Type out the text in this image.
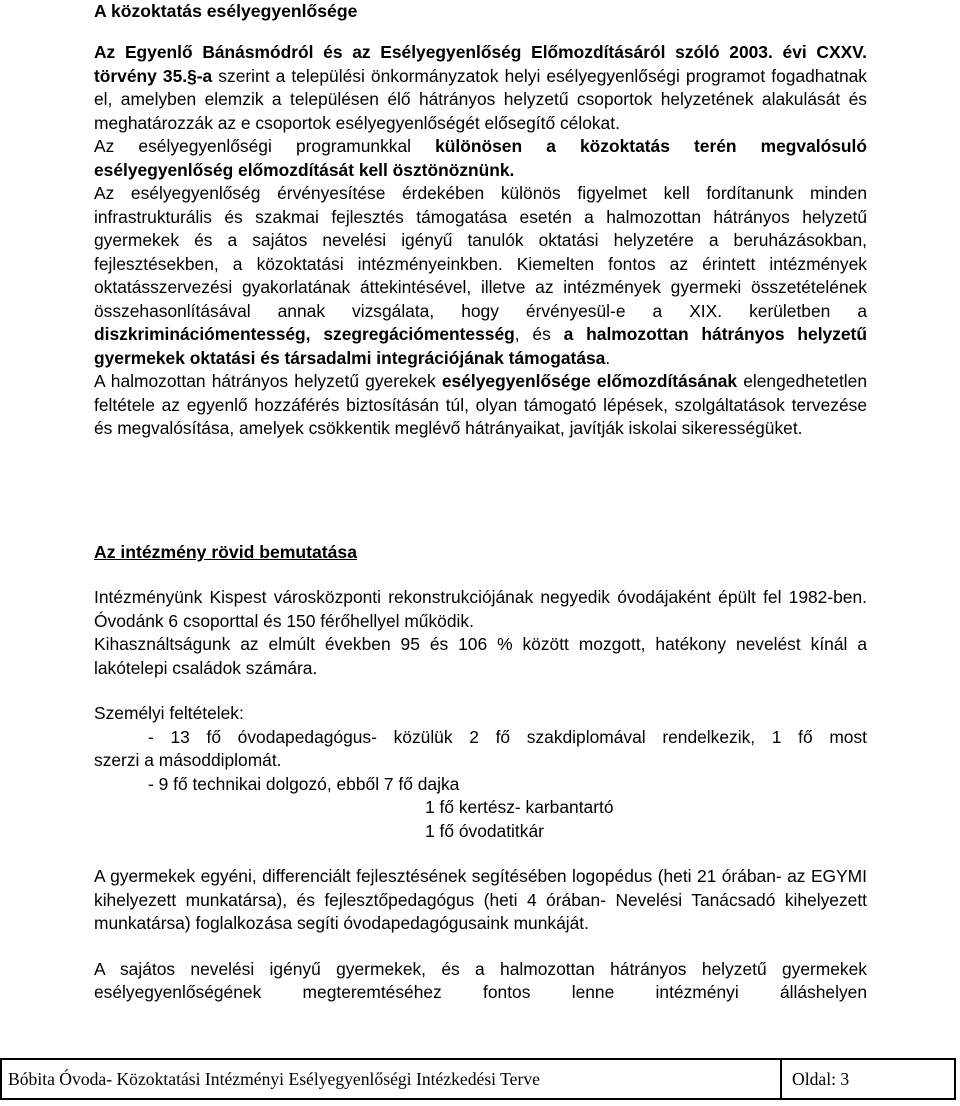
A közoktatás esélyegyenlősége

Az Egyenlő Bánásmódról és az Esélyegyenlőség Előmozdításáról szóló 2003. évi CXXV. törvény 35.§-a szerint a települési önkormányzatok helyi esélyegyenlőségi programot fogadhatnak el, amelyben elemzik a településen élő hátrányos helyzetű csoportok helyzetének alakulását és meghatározzák az e csoportok esélyegyenlőségét elősegítő célokat.

Az esélyegyenlőségi programunkkal különösen a közoktatás terén megvalósuló esélyegyenlőség előmozdítását kell ösztönöznünk.

Az esélyegyenlőség érvényesítése érdekében különös figyelmet kell fordítanunk minden infrastrukturális és szakmai fejlesztés támogatása esetén a halmozottan hátrányos helyzetű gyermekek és a sajátos nevelési igényű tanulók oktatási helyzetére a beruházásokban, fejlesztésekben, a közoktatási intézményeinkben. Kiemelten fontos az érintett intézmények oktatásszervezési gyakorlatának áttekintésével, illetve az intézmények gyermeki összetételének összehasonlításával annak vizsgálata, hogy érvényesül-e a XIX. kerületben a diszkriminációmentesség, szegregációmentesség, és a halmozottan hátrányos helyzetű gyermekek oktatási és társadalmi integrációjának támogatása.

A halmozottan hátrányos helyzetű gyerekek esélyegyenlősége előmozdításának elengedhetetlen feltétele az egyenlő hozzáférés biztosításán túl, olyan támogató lépések, szolgáltatások tervezése és megvalósítása, amelyek csökkentik meglévő hátrányaikat, javítják iskolai sikerességüket.

Az intézmény rövid bemutatása

Intézményünk Kispest városközponti rekonstrukciójának negyedik óvodájaként épült fel 1982-ben. Óvodánk 6 csoporttal és 150 férőhellyel működik.

Kihasználtságunk az elmúlt években 95 és 106 % között mozgott, hatékony nevelést kínál a lakótelepi családok számára.

Személyi feltételek:

- 13 fő óvodapedagógus- közülük 2 fő szakdiplomával rendelkezik, 1 fő most

szerzi a másoddiplomát.

- 9 fő technikai dolgozó, ebből 7 fő dajka

1 fő kertész- karbantartó

1 fő óvodatitkár

A gyermekek egyéni, differenciált fejlesztésének segítésében logopédus (heti 21 órában- az EGYMI kihelyezett munkatársa), és fejlesztőpedagógus (heti 4 órában- Nevelési Tanácsadó kihelyezett munkatársa) foglalkozása segíti óvodapedagógusaink munkáját.

A sajátos nevelési igényű gyermekek, és a halmozottan hátrányos helyzetű gyermekek esélyegyenlőségének megteremtéséhez fontos lenne intézményi álláshelyen

Bóbita Óvoda- Közoktatási Intézményi Esélyegyenlőségi Intézkedési Terve	Oldal: 3
